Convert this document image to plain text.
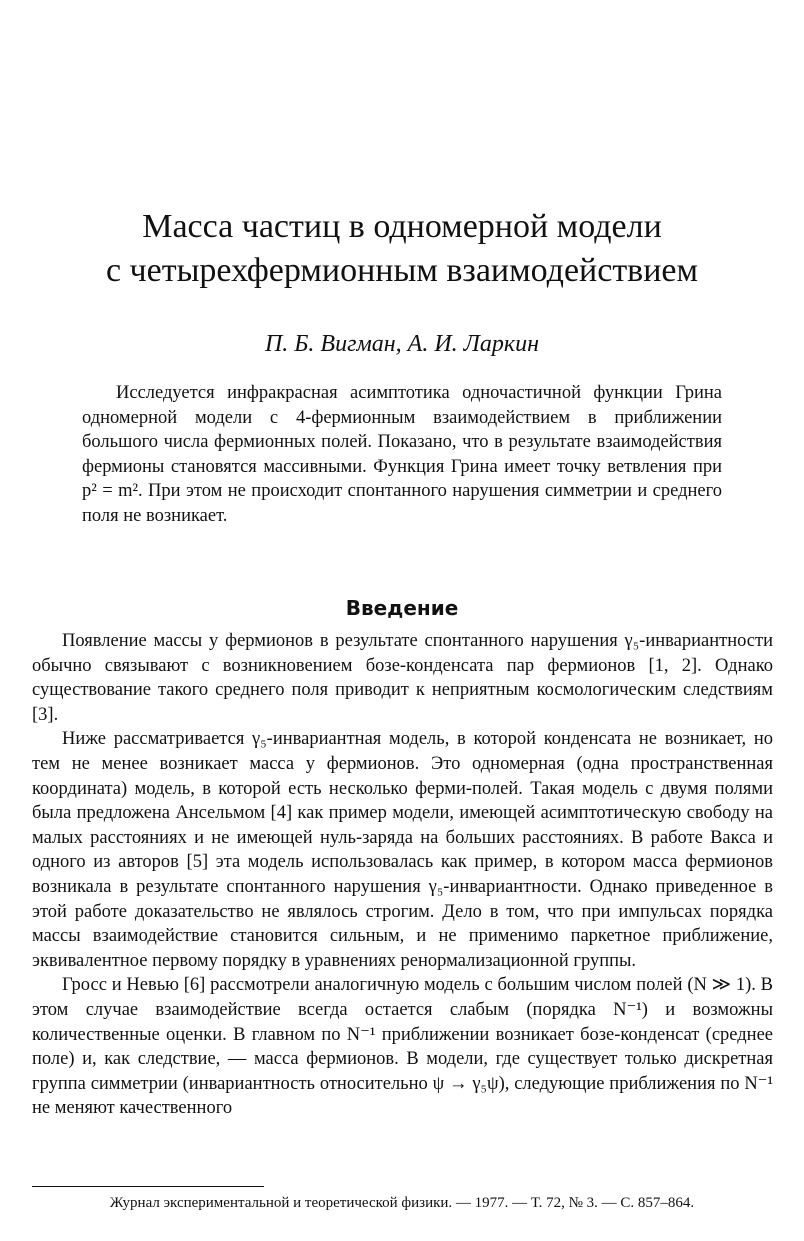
Масса частиц в одномерной модели
с четырехфермионным взаимодействием
П. Б. Вигман, А. И. Ларкин

Исследуется инфракрасная асимптотика одночастичной функции Грина одномерной модели с 4-фермионным взаимодействием в приближении большого числа фермионных полей. Показано, что в результате взаимодействия фермионы становятся массивными. Функция Грина имеет точку ветвления при p² = m². При этом не происходит спонтанного нарушения симметрии и среднего поля не возникает.

Введение

Появление массы у фермионов в результате спонтанного нарушения γ₅-инвариантности обычно связывают с возникновением бозе-конденсата пар фермионов [1, 2]. Однако существование такого среднего поля приводит к неприятным космологическим следствиям [3].

Ниже рассматривается γ₅-инвариантная модель, в которой конденсата не возникает, но тем не менее возникает масса у фермионов. Это одномерная (одна пространственная координата) модель, в которой есть несколько ферми-полей. Такая модель с двумя полями была предложена Ансельмом [4] как пример модели, имеющей асимптотическую свободу на малых расстояниях и не имеющей нуль-заряда на больших расстояниях. В работе Вакса и одного из авторов [5] эта модель использовалась как пример, в котором масса фермионов возникала в результате спонтанного нарушения γ₅-инвариантности. Однако приведенное в этой работе доказательство не являлось строгим. Дело в том, что при импульсах порядка массы взаимодействие становится сильным, и не применимо паркетное приближение, эквивалентное первому порядку в уравнениях ренормализационной группы.

Гросс и Невью [6] рассмотрели аналогичную модель с большим числом полей (N ≫ 1). В этом случае взаимодействие всегда остается слабым (порядка N⁻¹) и возможны количественные оценки. В главном по N⁻¹ приближении возникает бозе-конденсат (среднее поле) и, как следствие, — масса фермионов. В модели, где существует только дискретная группа симметрии (инвариантность относительно ψ → γ₅ψ), следующие приближения по N⁻¹ не меняют качественного

Журнал экспериментальной и теоретической физики. — 1977. — Т. 72, № 3. — С. 857–864.
